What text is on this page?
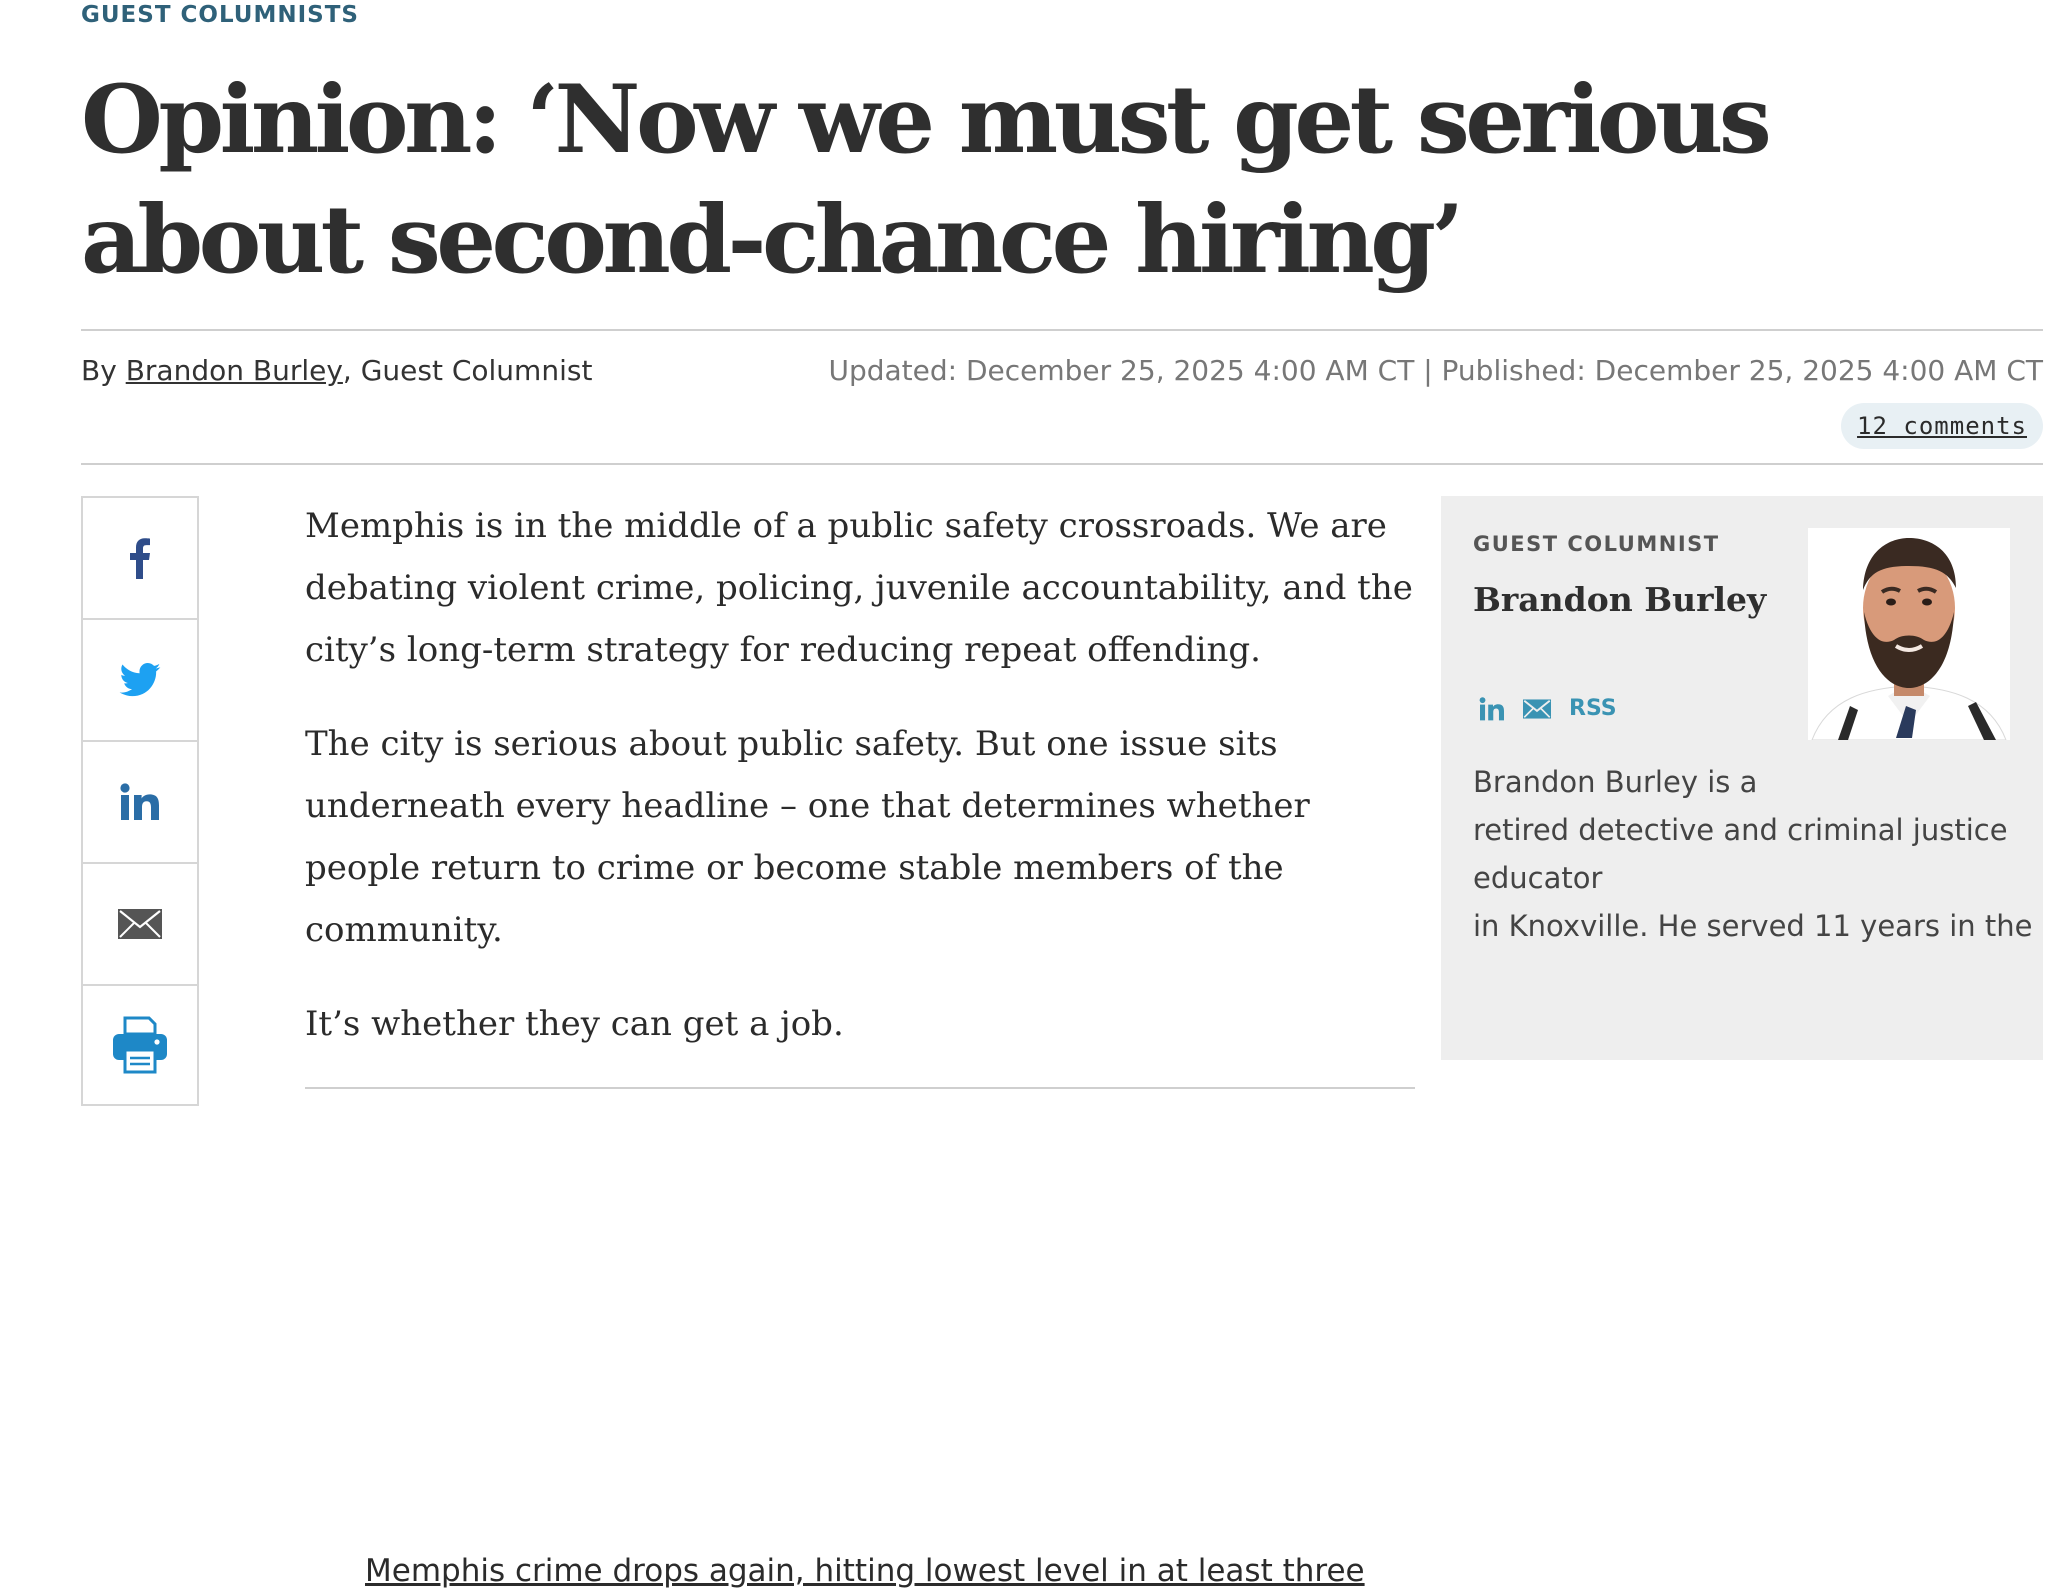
GUEST COLUMNISTS
Opinion: ‘Now we must get serious
about second-chance hiring’
By Brandon Burley, Guest Columnist	Updated: December 25, 2025 4:00 AM CT | Published: December 25, 2025 4:00 AM CT
12 comments

Memphis is in the middle of a public safety crossroads. We are debating violent crime, policing, juvenile accountability, and the city’s long-term strategy for reducing repeat offending.

The city is serious about public safety. But one issue sits underneath every headline – one that determines whether people return to crime or become stable members of the community.

It’s whether they can get a job.

Memphis crime drops again, hitting lowest level in at least three
GUEST COLUMNIST
Brandon Burley
RSS
Brandon Burley is a
retired detective and criminal justice
educator
in Knoxville. He served 11 years in the
